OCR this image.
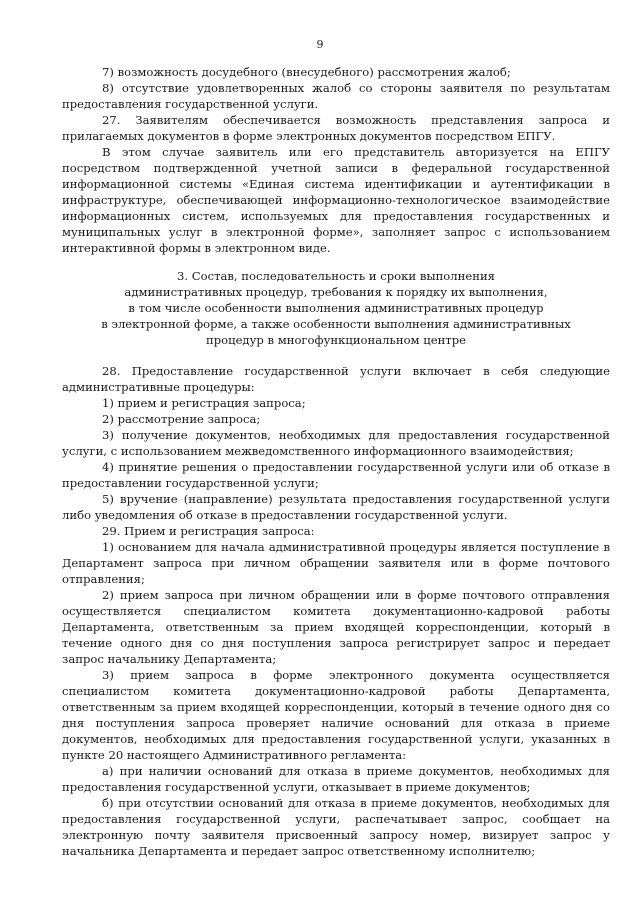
9

7) возможность досудебного (внесудебного) рассмотрения жалоб;

8) отсутствие удовлетворенных жалоб со стороны заявителя по результатам предоставления государственной услуги.

27. Заявителям обеспечивается возможность представления запроса и прилагаемых документов в форме электронных документов посредством ЕПГУ.

В этом случае заявитель или его представитель авторизуется на ЕПГУ посредством подтвержденной учетной записи в федеральной государственной информационной системы «Единая система идентификации и аутентификации в инфраструктуре, обеспечивающей информационно-технологическое взаимодействие информационных систем, используемых для предоставления государственных и муниципальных услуг в электронной форме», заполняет запрос с использованием интерактивной формы в электронном виде.

3. Состав, последовательность и сроки выполнения

административных процедур, требования к порядку их выполнения,

в том числе особенности выполнения административных процедур

в электронной форме, а также особенности выполнения административных

процедур в многофункциональном центре

28. Предоставление государственной услуги включает в себя следующие административные процедуры:

1) прием и регистрация запроса;

2) рассмотрение запроса;

3) получение документов, необходимых для предоставления государственной услуги, с использованием межведомственного информационного взаимодействия;

4) принятие решения о предоставлении государственной услуги или об отказе в предоставлении государственной услуги;

5) вручение (направление) результата предоставления государственной услуги либо уведомления об отказе в предоставлении государственной услуги.

29. Прием и регистрация запроса:

1) основанием для начала административной процедуры является поступление в Департамент запроса при личном обращении заявителя или в форме почтового отправления;

2) прием запроса при личном обращении или в форме почтового отправления осуществляется специалистом комитета документационно-кадровой работы Департамента, ответственным за прием входящей корреспонденции, который в течение одного дня со дня поступления запроса регистрирует запрос и передает запрос начальнику Департамента;

3) прием запроса в форме электронного документа осуществляется специалистом комитета документационно-кадровой работы Департамента, ответственным за прием входящей корреспонденции, который в течение одного дня со дня поступления запроса проверяет наличие оснований для отказа в приеме документов, необходимых для предоставления государственной услуги, указанных в пункте 20 настоящего Административного регламента:

а) при наличии оснований для отказа в приеме документов, необходимых для предоставления государственной услуги, отказывает в приеме документов;

б) при отсутствии оснований для отказа в приеме документов, необходимых для предоставления государственной услуги, распечатывает запрос, сообщает на электронную почту заявителя присвоенный запросу номер, визирует запрос у начальника Департамента и передает запрос ответственному исполнителю;
